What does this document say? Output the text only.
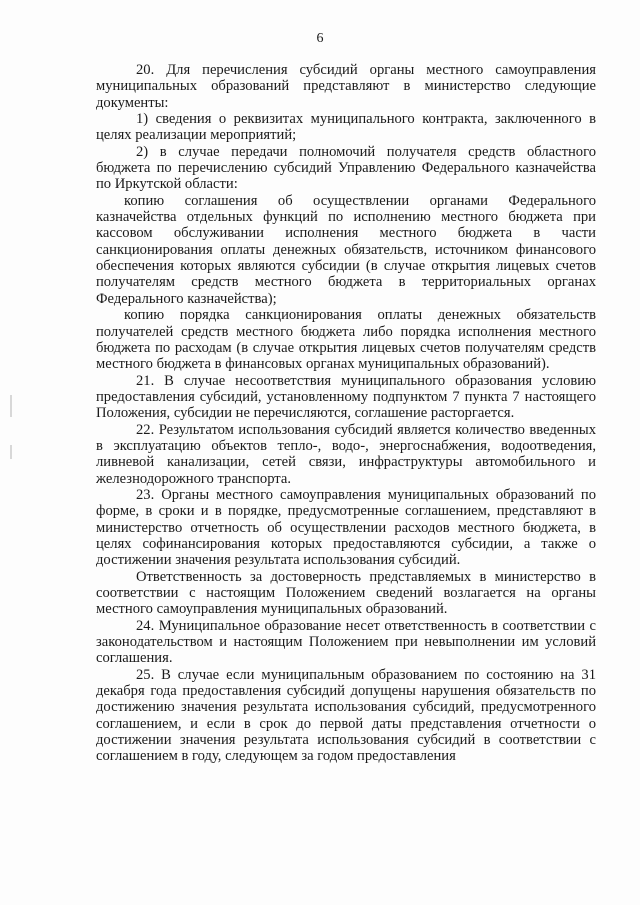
6

20. Для перечисления субсидий органы местного самоуправления муниципальных образований представляют в министерство следующие документы:

1) сведения о реквизитах муниципального контракта, заключенного в целях реализации мероприятий;

2) в случае передачи полномочий получателя средств областного бюджета по перечислению субсидий Управлению Федерального казначейства по Иркутской области:

копию соглашения об осуществлении органами Федерального казначейства отдельных функций по исполнению местного бюджета при кассовом обслуживании исполнения местного бюджета в части санкционирования оплаты денежных обязательств, источником финансового обеспечения которых являются субсидии (в случае открытия лицевых счетов получателям средств местного бюджета в территориальных органах Федерального казначейства);

копию порядка санкционирования оплаты денежных обязательств получателей средств местного бюджета либо порядка исполнения местного бюджета по расходам (в случае открытия лицевых счетов получателям средств местного бюджета в финансовых органах муниципальных образований).

21. В случае несоответствия муниципального образования условию предоставления субсидий, установленному подпунктом 7 пункта 7 настоящего Положения, субсидии не перечисляются, соглашение расторгается.

22. Результатом использования субсидий является количество введенных в эксплуатацию объектов тепло-, водо-, энергоснабжения, водоотведения, ливневой канализации, сетей связи, инфраструктуры автомобильного и железнодорожного транспорта.

23. Органы местного самоуправления муниципальных образований по форме, в сроки и в порядке, предусмотренные соглашением, представляют в министерство отчетность об осуществлении расходов местного бюджета, в целях софинансирования которых предоставляются субсидии, а также о достижении значения результата использования субсидий.

Ответственность за достоверность представляемых в министерство в соответствии с настоящим Положением сведений возлагается на органы местного самоуправления муниципальных образований.

24. Муниципальное образование несет ответственность в соответствии с законодательством и настоящим Положением при невыполнении им условий соглашения.

25. В случае если муниципальным образованием по состоянию на 31 декабря года предоставления субсидий допущены нарушения обязательств по достижению значения результата использования субсидий, предусмотренного соглашением, и если в срок до первой даты представления отчетности о достижении значения результата использования субсидий в соответствии с соглашением в году, следующем за годом предоставления
